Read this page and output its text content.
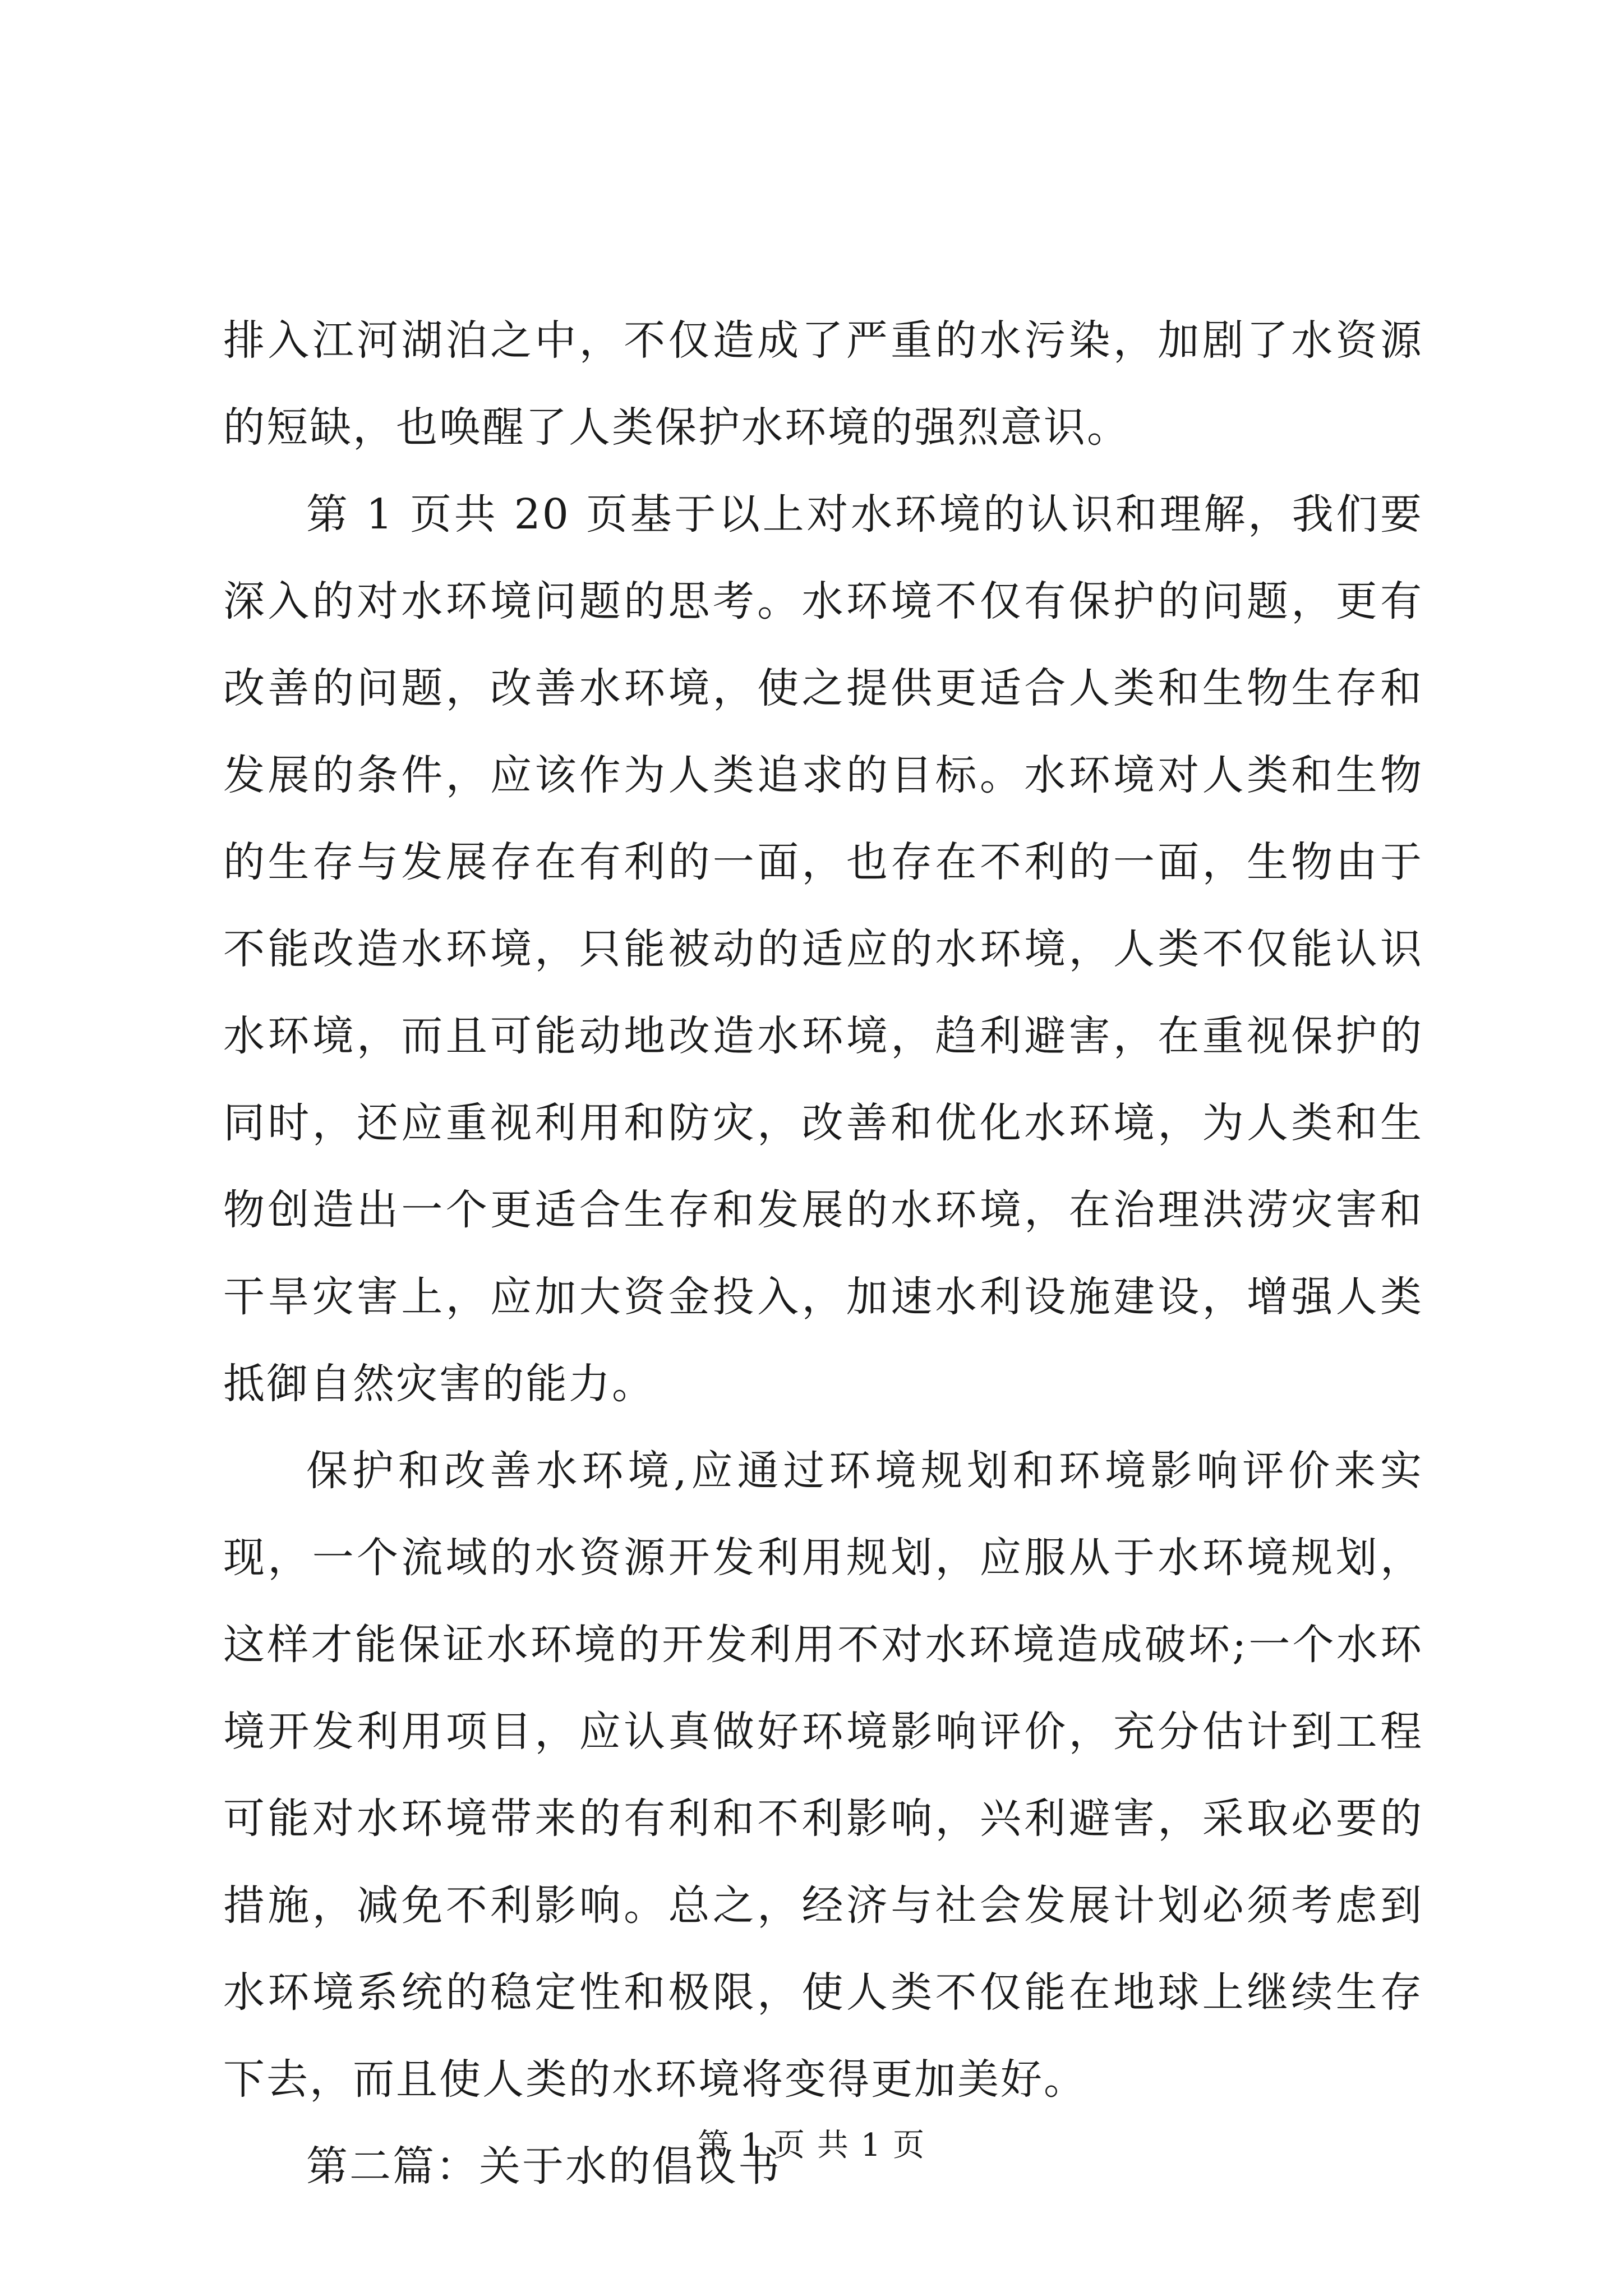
排入江河湖泊之中，不仅造成了严重的水污染，加剧了水资源的短缺，也唤醒了人类保护水环境的强烈意识。

第 1 页共 20 页基于以上对水环境的认识和理解，我们要深入的对水环境问题的思考。水环境不仅有保护的问题，更有改善的问题，改善水环境，使之提供更适合人类和生物生存和发展的条件，应该作为人类追求的目标。水环境对人类和生物的生存与发展存在有利的一面，也存在不利的一面，生物由于不能改造水环境，只能被动的适应的水环境，人类不仅能认识水环境，而且可能动地改造水环境，趋利避害，在重视保护的同时，还应重视利用和防灾，改善和优化水环境，为人类和生物创造出一个更适合生存和发展的水环境，在治理洪涝灾害和干旱灾害上，应加大资金投入，加速水利设施建设，增强人类抵御自然灾害的能力。

保护和改善水环境,应通过环境规划和环境影响评价来实现，一个流域的水资源开发利用规划，应服从于水环境规划，这样才能保证水环境的开发利用不对水环境造成破坏;一个水环境开发利用项目，应认真做好环境影响评价，充分估计到工程可能对水环境带来的有利和不利影响，兴利避害，采取必要的措施，减免不利影响。总之，经济与社会发展计划必须考虑到水环境系统的稳定性和极限，使人类不仅能在地球上继续生存下去，而且使人类的水环境将变得更加美好。

第二篇：关于水的倡议书

第 1 页 共 1 页
